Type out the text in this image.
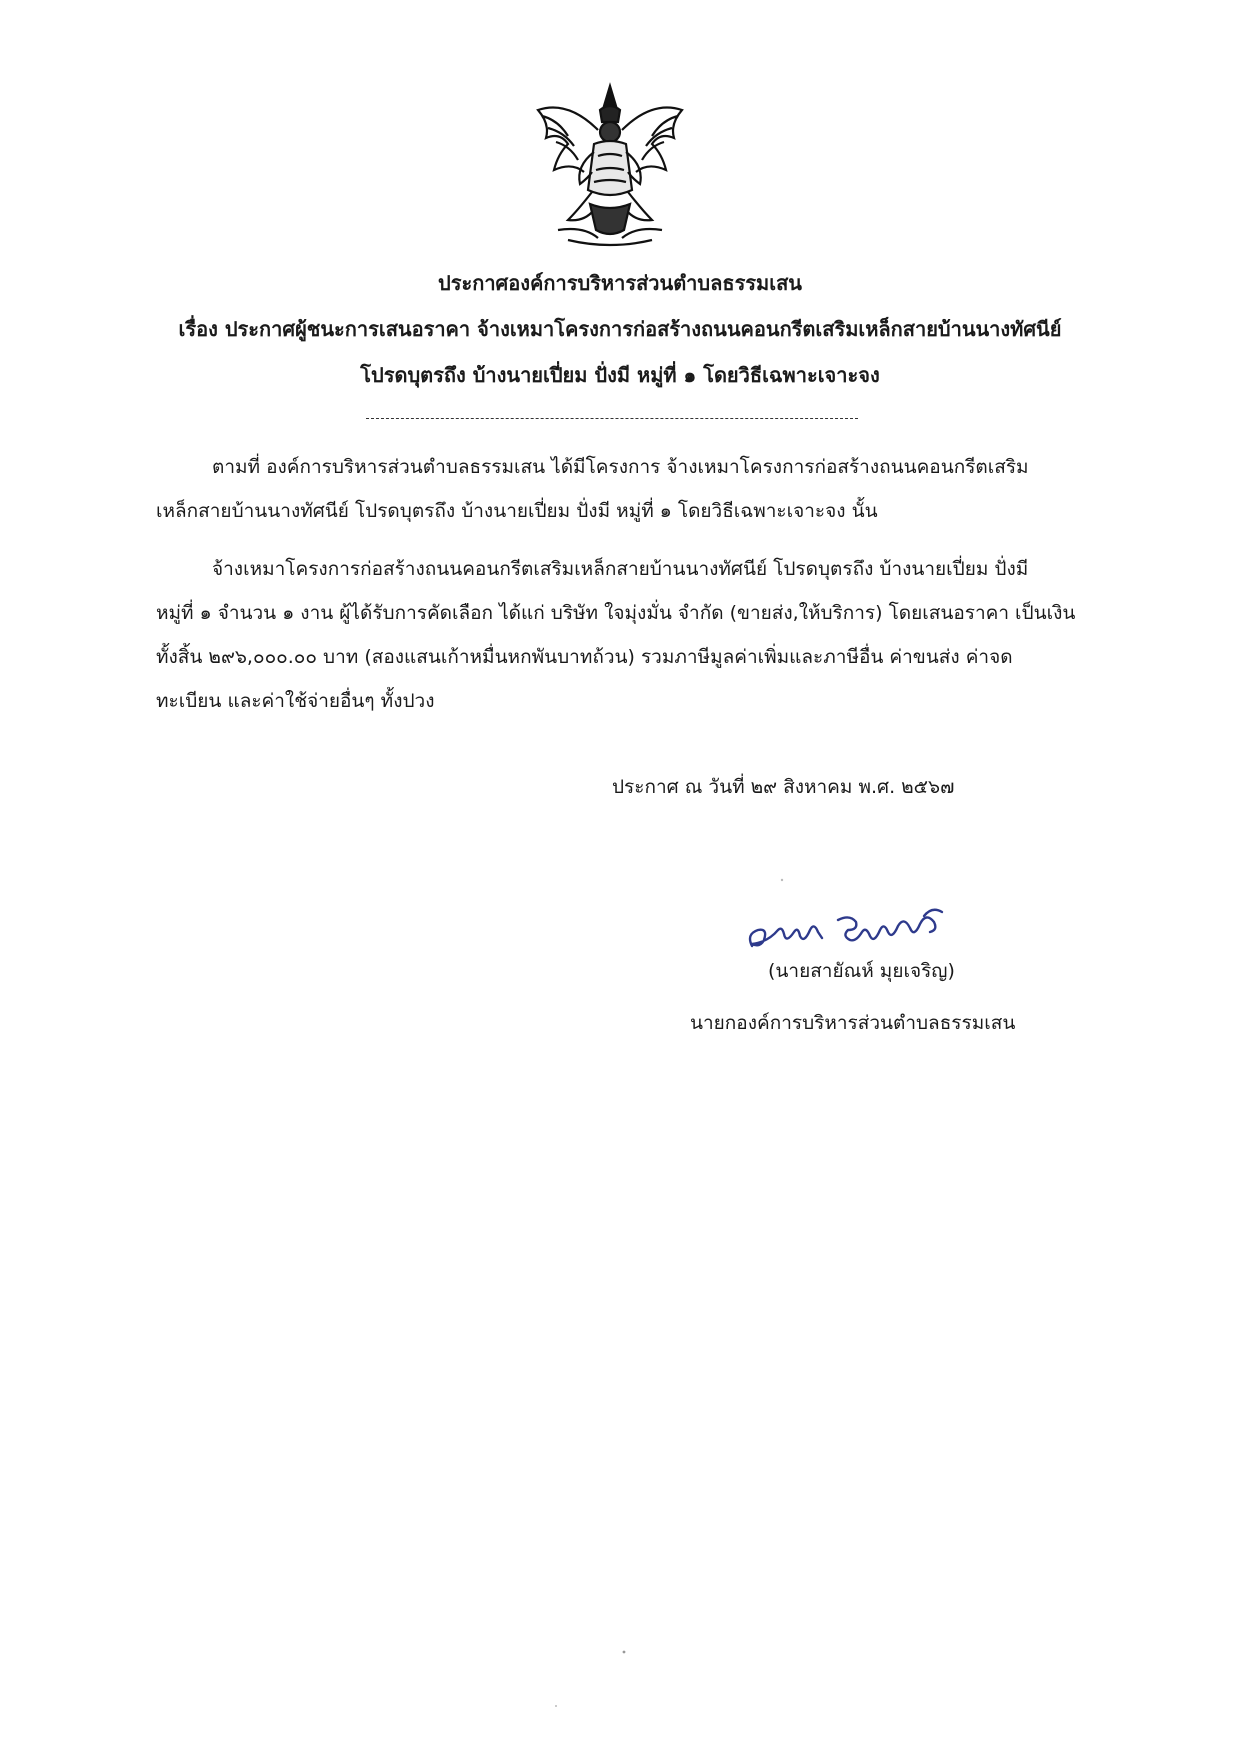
ประกาศองค์การบริหารส่วนตำบลธรรมเสน
เรื่อง ประกาศผู้ชนะการเสนอราคา จ้างเหมาโครงการก่อสร้างถนนคอนกรีตเสริมเหล็กสายบ้านนางทัศนีย์
โปรดบุตรถึง บ้างนายเปี่ยม ปั่งมี หมู่ที่ ๑ โดยวิธีเฉพาะเจาะจง
ตามที่ องค์การบริหารส่วนตำบลธรรมเสน ได้มีโครงการ จ้างเหมาโครงการก่อสร้างถนนคอนกรีตเสริม
เหล็กสายบ้านนางทัศนีย์ โปรดบุตรถึง บ้างนายเปี่ยม ปั่งมี หมู่ที่ ๑ โดยวิธีเฉพาะเจาะจง นั้น
จ้างเหมาโครงการก่อสร้างถนนคอนกรีตเสริมเหล็กสายบ้านนางทัศนีย์ โปรดบุตรถึง บ้างนายเปี่ยม ปั่งมี
หมู่ที่ ๑ จำนวน ๑ งาน ผู้ได้รับการคัดเลือก ได้แก่ บริษัท ใจมุ่งมั่น จำกัด (ขายส่ง,ให้บริการ) โดยเสนอราคา เป็นเงิน
ทั้งสิ้น ๒๙๖,๐๐๐.๐๐ บาท (สองแสนเก้าหมื่นหกพันบาทถ้วน) รวมภาษีมูลค่าเพิ่มและภาษีอื่น ค่าขนส่ง ค่าจด
ทะเบียน และค่าใช้จ่ายอื่นๆ ทั้งปวง
ประกาศ ณ วันที่ ๒๙ สิงหาคม พ.ศ. ๒๕๖๗
(นายสายัณห์ มุยเจริญ)
นายกองค์การบริหารส่วนตำบลธรรมเสน
